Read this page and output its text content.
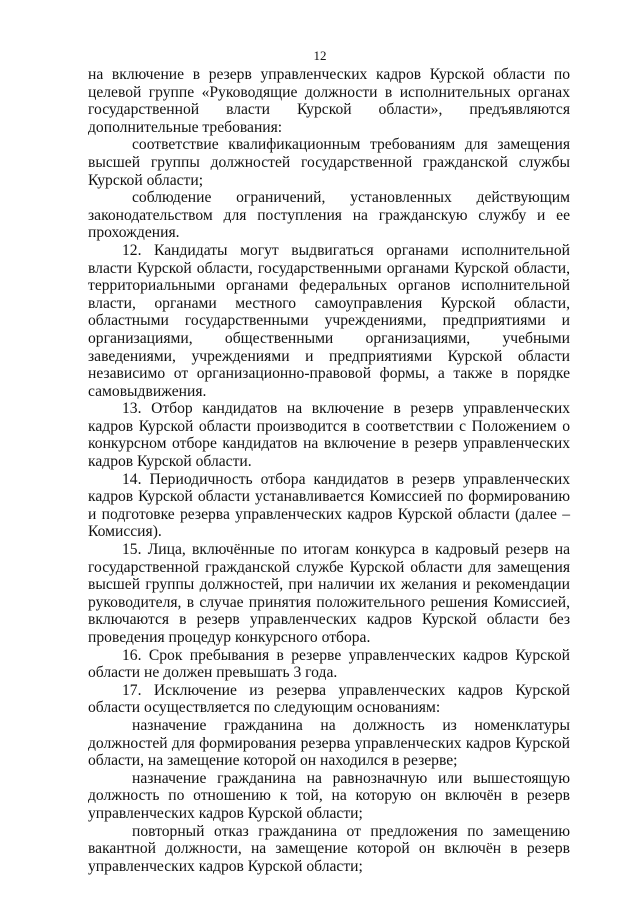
12

на включение в резерв управленческих кадров Курской области по целевой группе «Руководящие должности в исполнительных органах государственной власти Курской области», предъявляются дополнительные требования:

соответствие квалификационным требованиям для замещения высшей группы должностей государственной гражданской службы Курской области;

соблюдение ограничений, установленных действующим законодательством для поступления на гражданскую службу и ее прохождения.

12. Кандидаты могут выдвигаться органами исполнительной власти Курской области, государственными органами Курской области, территориальными органами федеральных органов исполнительной власти, органами местного самоуправления Курской области, областными государственными учреждениями, предприятиями и организациями, общественными организациями, учебными заведениями, учреждениями и предприятиями Курской области независимо от организационно-правовой формы, а также в порядке самовыдвижения.

13. Отбор кандидатов на включение в резерв управленческих кадров Курской области производится в соответствии с Положением о конкурсном отборе кандидатов на включение в резерв управленческих кадров Курской области.

14. Периодичность отбора кандидатов в резерв управленческих кадров Курской области устанавливается Комиссией по формированию и подготовке резерва управленческих кадров Курской области (далее – Комиссия).

15. Лица, включённые по итогам конкурса в кадровый резерв на государственной гражданской службе Курской области для замещения высшей группы должностей, при наличии их желания и рекомендации руководителя, в случае принятия положительного решения Комиссией, включаются в резерв управленческих кадров Курской области без проведения процедур конкурсного отбора.

16. Срок пребывания в резерве управленческих кадров Курской области не должен превышать 3 года.

17. Исключение из резерва управленческих кадров Курской области осуществляется по следующим основаниям:

назначение гражданина на должность из номенклатуры должностей для формирования резерва управленческих кадров Курской области, на замещение которой он находился в резерве;

назначение гражданина на равнозначную или вышестоящую должность по отношению к той, на которую он включён в резерв управленческих кадров Курской области;

повторный отказ гражданина от предложения по замещению вакантной должности, на замещение которой он включён в резерв управленческих кадров Курской области;
